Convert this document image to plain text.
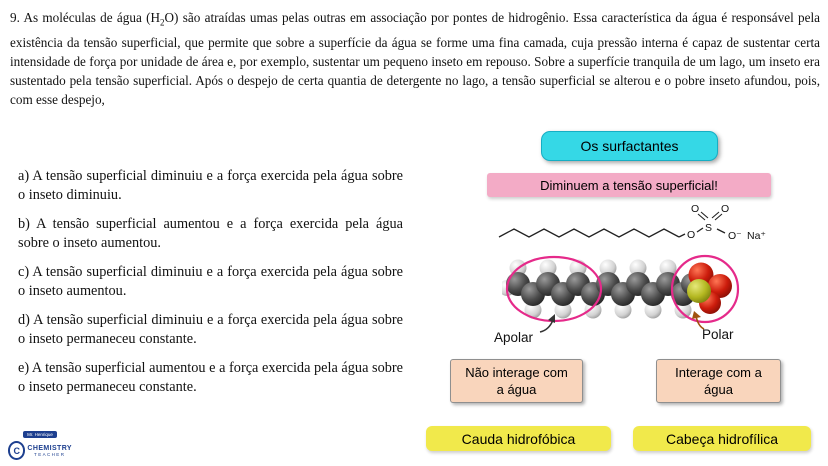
9. As moléculas de água $(H_2O)$ são atraídas umas pelas outras em associação por pontes de hidrogênio. Essa característica da água é responsável pela existência da tensão superficial, que permite que sobre a superfície da água se forme uma fina camada, cuja pressão interna é capaz de sustentar certa intensidade de força por unidade de área e, por exemplo, sustentar um pequeno inseto em repouso. Sobre a superfície tranquila de um lago, um inseto era sustentado pela tensão superficial. Após o despejo de certa quantia de detergente no lago, a tensão superficial se alterou e o pobre inseto afundou, pois, com esse despejo,

a) A tensão superficial diminuiu e a força exercida pela água sobre o inseto diminuiu.

b) A tensão superficial aumentou e a força exercida pela água sobre o inseto aumentou.

c) A tensão superficial diminuiu e a força exercida pela água sobre o inseto aumentou.

d) A tensão superficial diminuiu e a força exercida pela água sobre o inseto permaneceu constante.

e) A tensão superficial aumentou e a força exercida pela água sobre o inseto permaneceu constante.

Os surfactantes
Diminuem a tensão superficial!
O
S
O O
O⁻ Na⁺
Apolar	Polar
Não interage com a água
Interage com a água
Cauda hidrofóbica	Cabeça hidrofílica
Mr. Henrique
C	CHEMISTRY
TEACHER
